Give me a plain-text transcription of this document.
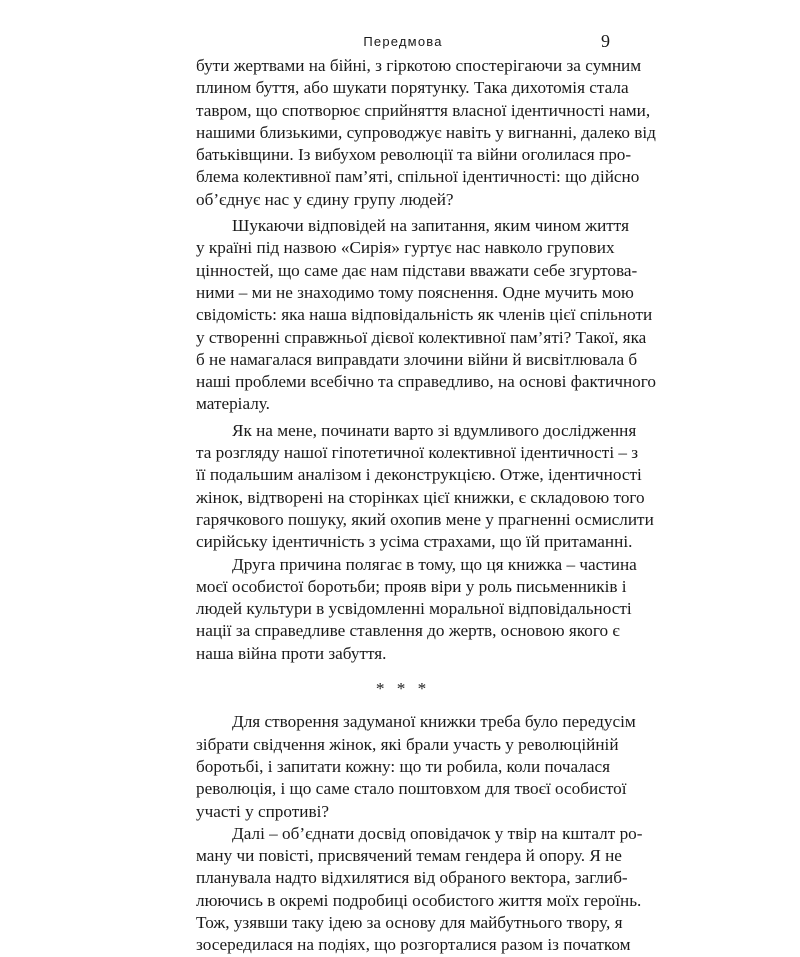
Передмова	9
бути жертвами на бійні, з гіркотою спостерігаючи за сумним
плином буття, або шукати порятунку. Така дихотомія стала
тавром, що спотворює сприйняття власної ідентичності нами,
нашими близькими, супроводжує навіть у вигнанні, далеко від
батьківщини. Із вибухом революції та війни оголилася про-
блема колективної пам’яті, спільної ідентичності: що дійсно
об’єднує нас у єдину групу людей?
Шукаючи відповідей на запитання, яким чином життя
у країні під назвою «Сирія» гуртує нас навколо групових
цінностей, що саме дає нам підстави вважати себе згуртова-
ними – ми не знаходимо тому пояснення. Одне мучить мою
свідомість: яка наша відповідальність як членів цієї спільноти
у створенні справжньої дієвої колективної пам’яті? Такої, яка
б не намагалася виправдати злочини війни й висвітлювала б
наші проблеми всебічно та справедливо, на основі фактичного
матеріалу.
Як на мене, починати варто зі вдумливого дослідження
та розгляду нашої гіпотетичної колективної ідентичності – з
її подальшим аналізом і деконструкцією. Отже, ідентичності
жінок, відтворені на сторінках цієї книжки, є складовою того
гарячкового пошуку, який охопив мене у прагненні осмислити
сирійську ідентичність з усіма страхами, що їй притаманні.
Друга причина полягає в тому, що ця книжка – частина
моєї особистої боротьби; прояв віри у роль письменників і
людей культури в усвідомленні моральної відповідальності
нації за справедливе ставлення до жертв, основою якого є
наша війна проти забуття.
* * *
Для створення задуманої книжки треба було передусім
зібрати свідчення жінок, які брали участь у революційній
боротьбі, і запитати кожну: що ти робила, коли почалася
революція, і що саме стало поштовхом для твоєї особистої
участі у спротиві?
Далі – об’єднати досвід оповідачок у твір на кшталт ро-
ману чи повісті, присвячений темам гендера й опору. Я не
планувала надто відхилятися від обраного вектора, заглиб-
люючись в окремі подробиці особистого життя моїх героїнь.
Тож, узявши таку ідею за основу для майбутнього твору, я
зосередилася на подіях, що розгорталися разом із початком
